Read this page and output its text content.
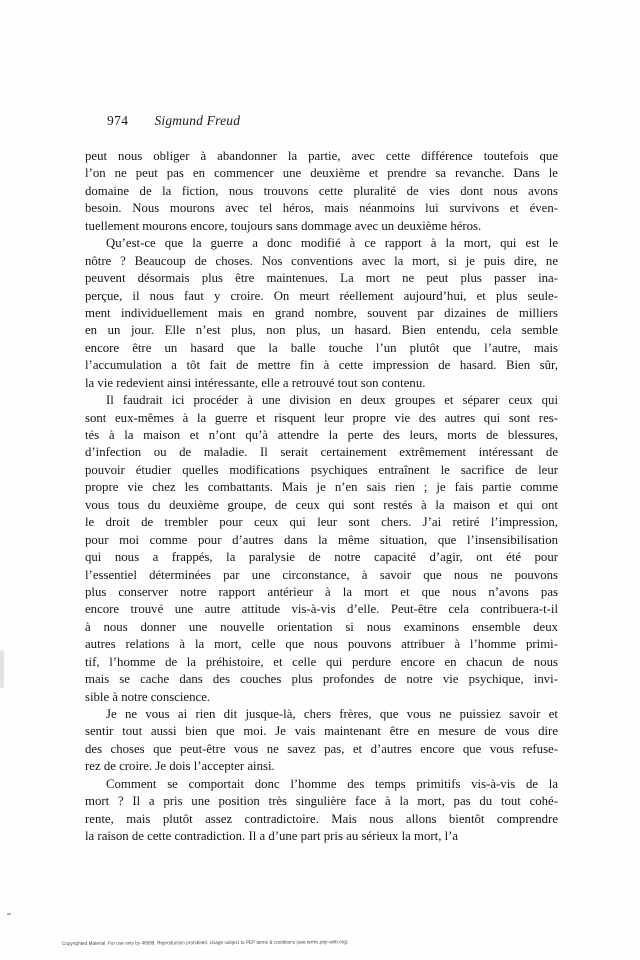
974 Sigmund Freud
peut nous obliger à abandonner la partie, avec cette différence toutefois que
l’on ne peut pas en commencer une deuxième et prendre sa revanche. Dans le
domaine de la fiction, nous trouvons cette pluralité de vies dont nous avons
besoin. Nous mourons avec tel héros, mais néanmoins lui survivons et éven-
tuellement mourons encore, toujours sans dommage avec un deuxième héros.
Qu’est-ce que la guerre a donc modifié à ce rapport à la mort, qui est le
nôtre ? Beaucoup de choses. Nos conventions avec la mort, si je puis dire, ne
peuvent désormais plus être maintenues. La mort ne peut plus passer ina-
perçue, il nous faut y croire. On meurt réellement aujourd’hui, et plus seule-
ment individuellement mais en grand nombre, souvent par dizaines de milliers
en un jour. Elle n’est plus, non plus, un hasard. Bien entendu, cela semble
encore être un hasard que la balle touche l’un plutôt que l’autre, mais
l’accumulation a tôt fait de mettre fin à cette impression de hasard. Bien sûr,
la vie redevient ainsi intéressante, elle a retrouvé tout son contenu.
Il faudrait ici procéder à une division en deux groupes et séparer ceux qui
sont eux-mêmes à la guerre et risquent leur propre vie des autres qui sont res-
tés à la maison et n’ont qu’à attendre la perte des leurs, morts de blessures,
d’infection ou de maladie. Il serait certainement extrêmement intéressant de
pouvoir étudier quelles modifications psychiques entraînent le sacrifice de leur
propre vie chez les combattants. Mais je n’en sais rien ; je fais partie comme
vous tous du deuxième groupe, de ceux qui sont restés à la maison et qui ont
le droit de trembler pour ceux qui leur sont chers. J’ai retiré l’impression,
pour moi comme pour d’autres dans la même situation, que l’insensibilisation
qui nous a frappés, la paralysie de notre capacité d’agir, ont été pour
l’essentiel déterminées par une circonstance, à savoir que nous ne pouvons
plus conserver notre rapport antérieur à la mort et que nous n’avons pas
encore trouvé une autre attitude vis-à-vis d’elle. Peut-être cela contribuera-t-il
à nous donner une nouvelle orientation si nous examinons ensemble deux
autres relations à la mort, celle que nous pouvons attribuer à l’homme primi-
tif, l’homme de la préhistoire, et celle qui perdure encore en chacun de nous
mais se cache dans des couches plus profondes de notre vie psychique, invi-
sible à notre conscience.
Je ne vous ai rien dit jusque-là, chers frères, que vous ne puissiez savoir et
sentir tout aussi bien que moi. Je vais maintenant être en mesure de vous dire
des choses que peut-être vous ne savez pas, et d’autres encore que vous refuse-
rez de croire. Je dois l’accepter ainsi.
Comment se comportait donc l’homme des temps primitifs vis-à-vis de la
mort ? Il a pris une position très singulière face à la mort, pas du tout cohé-
rente, mais plutôt assez contradictoire. Mais nous allons bientôt comprendre
la raison de cette contradiction. Il a d’une part pris au sérieux la mort, l’a
Copyrighted Material. For use only by 46698. Reproduction prohibited. Usage subject to PEP terms & conditions (see terms.pep-web.org).
